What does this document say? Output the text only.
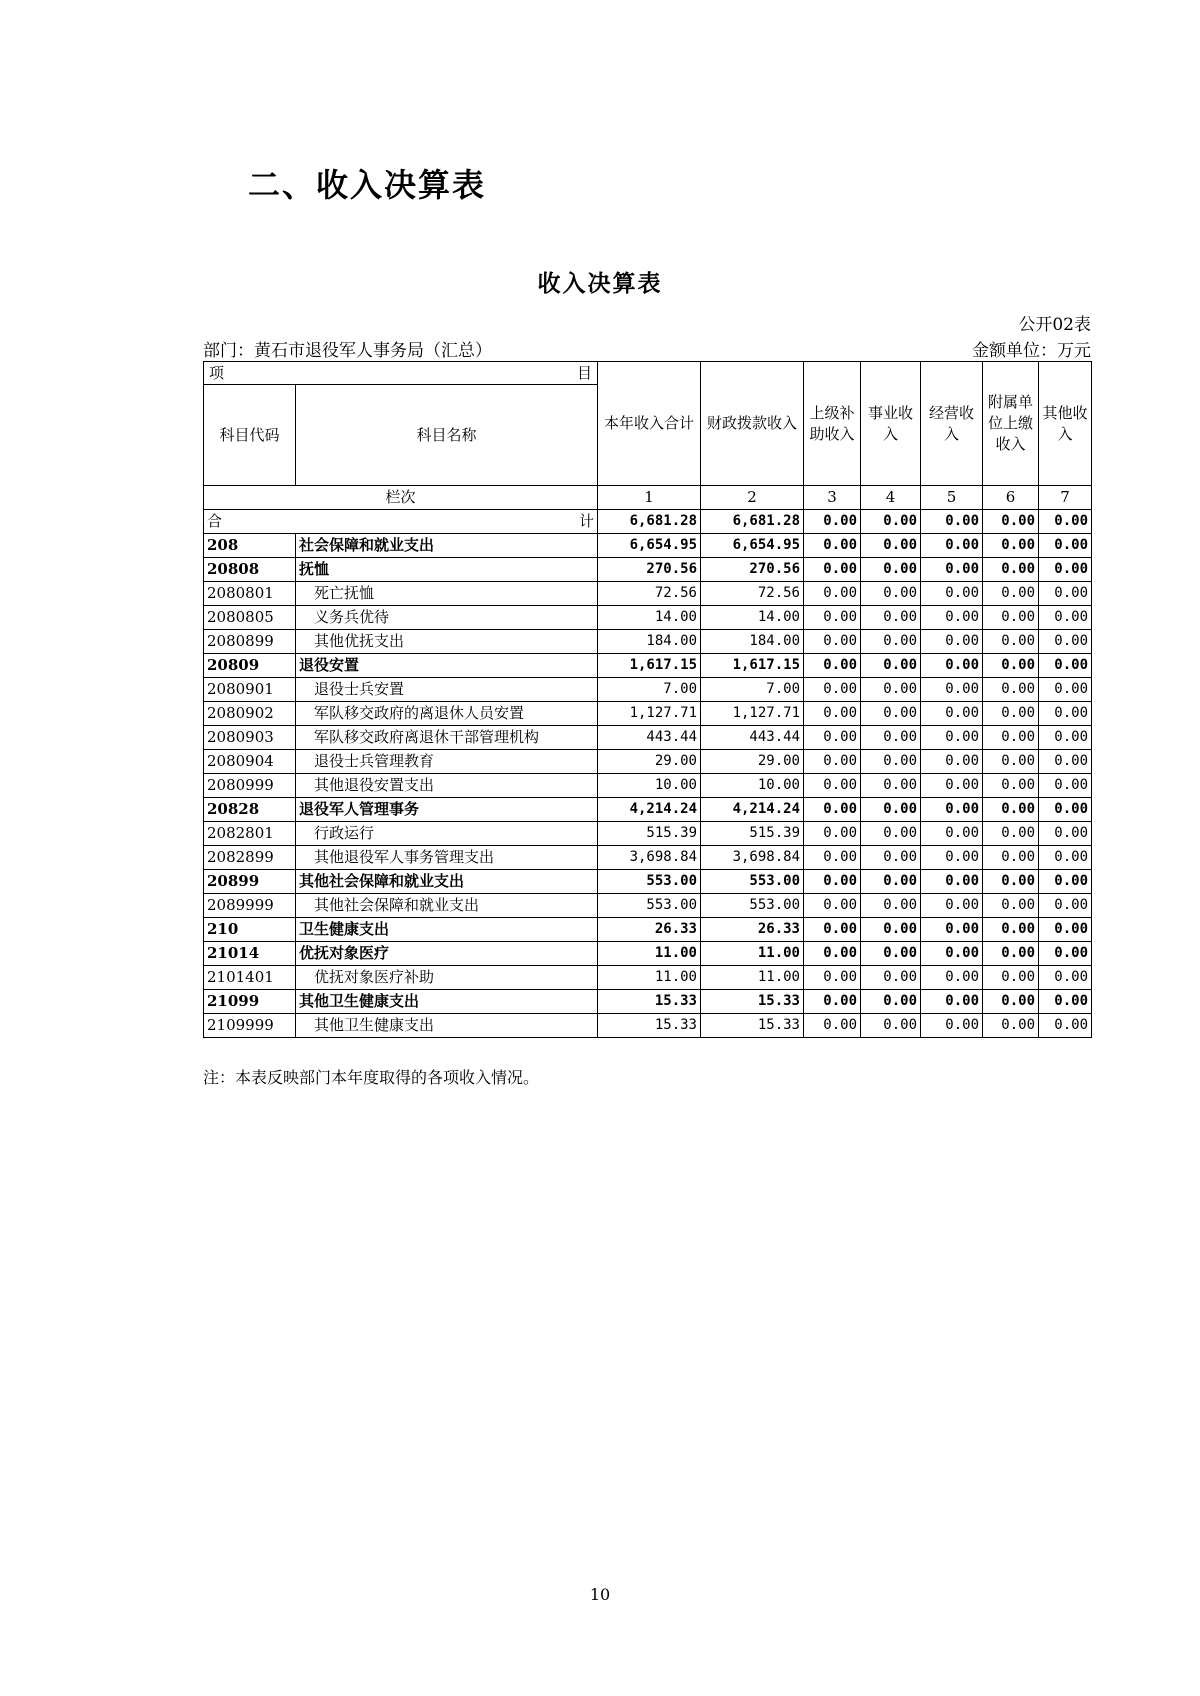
二、收入决算表
收入决算表
公开02表
部门：黄石市退役军人事务局（汇总）	金额单位：万元
项 目		本年收入合计	财政拨款收入	上级补助收入	事业收入	经营收入	附属单位上缴收入	其他收入
科目代码	科目名称							
栏次		1	2	3	4	5	6	7

合 计		6,681.28	6,681.28	0.00	0.00	0.00	0.00	0.00
208	社会保障和就业支出	6,654.95	6,654.95	0.00	0.00	0.00	0.00	0.00
20808	抚恤	270.56	270.56	0.00	0.00	0.00	0.00	0.00
2080801	死亡抚恤	72.56	72.56	0.00	0.00	0.00	0.00	0.00
2080805	义务兵优待	14.00	14.00	0.00	0.00	0.00	0.00	0.00
2080899	其他优抚支出	184.00	184.00	0.00	0.00	0.00	0.00	0.00
20809	退役安置	1,617.15	1,617.15	0.00	0.00	0.00	0.00	0.00
2080901	退役士兵安置	7.00	7.00	0.00	0.00	0.00	0.00	0.00
2080902	军队移交政府的离退休人员安置	1,127.71	1,127.71	0.00	0.00	0.00	0.00	0.00
2080903	军队移交政府离退休干部管理机构	443.44	443.44	0.00	0.00	0.00	0.00	0.00
2080904	退役士兵管理教育	29.00	29.00	0.00	0.00	0.00	0.00	0.00
2080999	其他退役安置支出	10.00	10.00	0.00	0.00	0.00	0.00	0.00
20828	退役军人管理事务	4,214.24	4,214.24	0.00	0.00	0.00	0.00	0.00
2082801	行政运行	515.39	515.39	0.00	0.00	0.00	0.00	0.00
2082899	其他退役军人事务管理支出	3,698.84	3,698.84	0.00	0.00	0.00	0.00	0.00
20899	其他社会保障和就业支出	553.00	553.00	0.00	0.00	0.00	0.00	0.00
2089999	其他社会保障和就业支出	553.00	553.00	0.00	0.00	0.00	0.00	0.00
210	卫生健康支出	26.33	26.33	0.00	0.00	0.00	0.00	0.00
21014	优抚对象医疗	11.00	11.00	0.00	0.00	0.00	0.00	0.00
2101401	优抚对象医疗补助	11.00	11.00	0.00	0.00	0.00	0.00	0.00
21099	其他卫生健康支出	15.33	15.33	0.00	0.00	0.00	0.00	0.00
2109999	其他卫生健康支出	15.33	15.33	0.00	0.00	0.00	0.00	0.00
注：本表反映部门本年度取得的各项收入情况。
10
